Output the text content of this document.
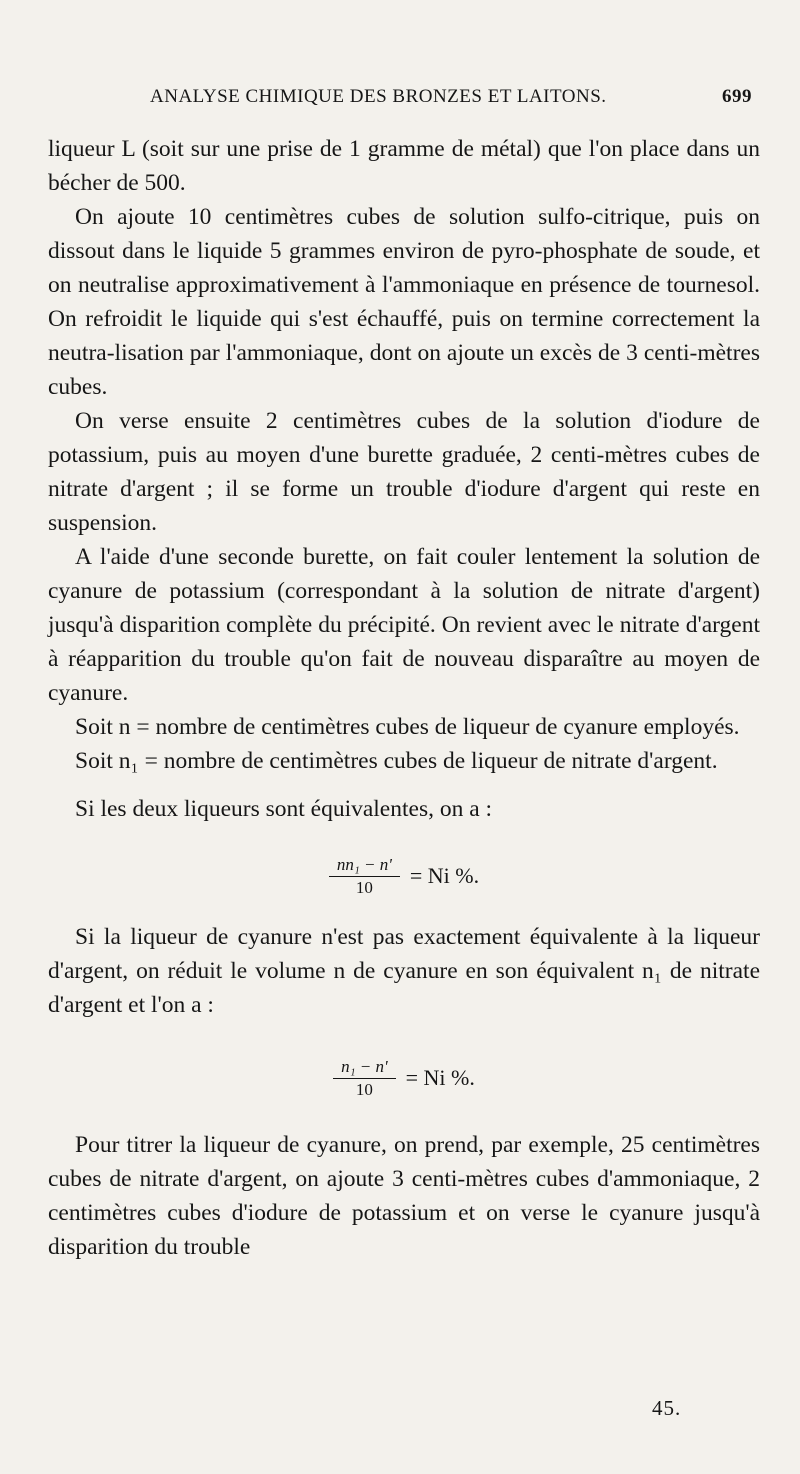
ANALYSE CHIMIQUE DES BRONZES ET LAITONS.	699

liqueur L (soit sur une prise de 1 gramme de métal) que l'on place dans un bécher de 500.

On ajoute 10 centimètres cubes de solution sulfo-citrique, puis on dissout dans le liquide 5 grammes environ de pyro-phosphate de soude, et on neutralise approximativement à l'ammoniaque en présence de tournesol. On refroidit le liquide qui s'est échauffé, puis on termine correctement la neutra-lisation par l'ammoniaque, dont on ajoute un excès de 3 centi-mètres cubes.

On verse ensuite 2 centimètres cubes de la solution d'iodure de potassium, puis au moyen d'une burette graduée, 2 centi-mètres cubes de nitrate d'argent ; il se forme un trouble d'iodure d'argent qui reste en suspension.

A l'aide d'une seconde burette, on fait couler lentement la solution de cyanure de potassium (correspondant à la solution de nitrate d'argent) jusqu'à disparition complète du précipité. On revient avec le nitrate d'argent à réapparition du trouble qu'on fait de nouveau disparaître au moyen de cyanure.

Soit n = nombre de centimètres cubes de liqueur de cyanure employés.

Soit n₁ = nombre de centimètres cubes de liqueur de nitrate d'argent.

Si les deux liqueurs sont équivalentes, on a :

$\frac{\text{nn₁ − n'}}{10} = Ni$ %.

Si la liqueur de cyanure n'est pas exactement équivalente à la liqueur d'argent, on réduit le volume n de cyanure en son équivalent n₁ de nitrate d'argent et l'on a :

$\frac{\text{n₁ − n'}}{10} = Ni$ %.

Pour titrer la liqueur de cyanure, on prend, par exemple, 25 centimètres cubes de nitrate d'argent, on ajoute 3 centi-mètres cubes d'ammoniaque, 2 centimètres cubes d'iodure de potassium et on verse le cyanure jusqu'à disparition du trouble

45.
